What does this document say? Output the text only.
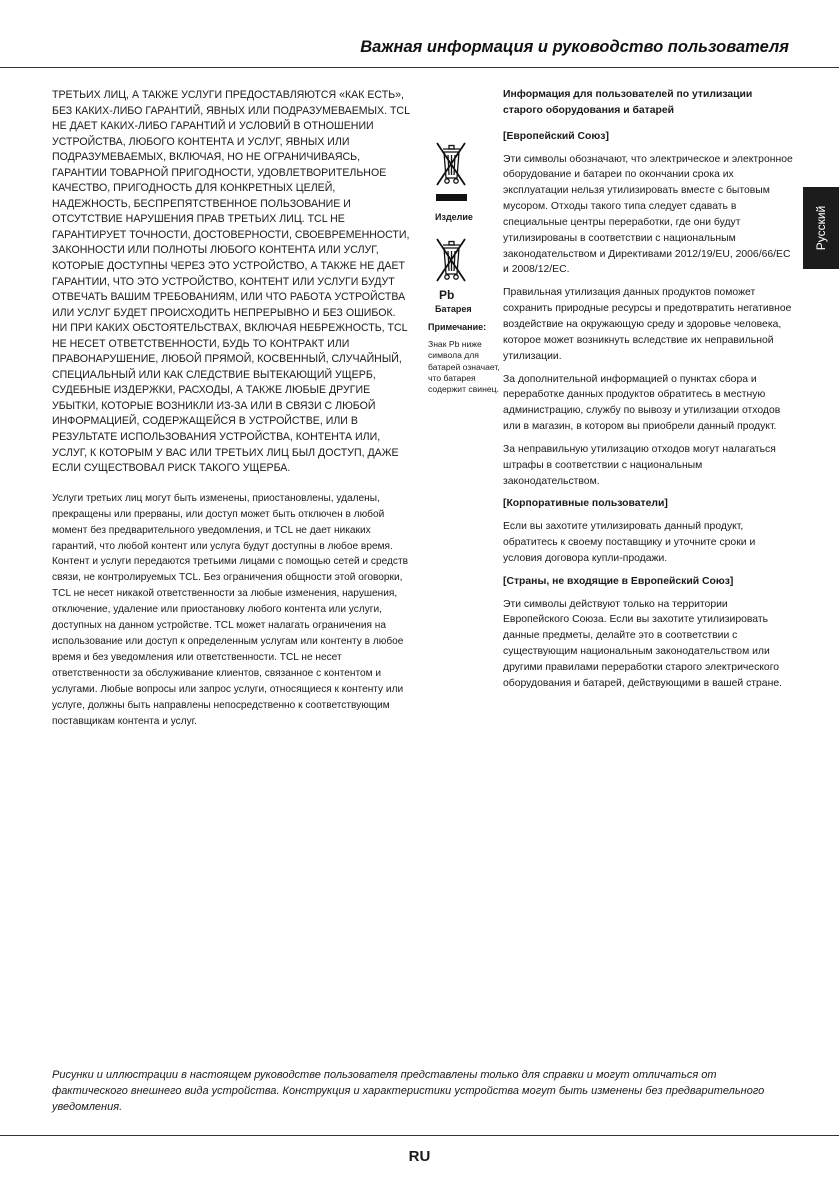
Важная информация и руководство пользователя
Русский

ТРЕТЬИХ ЛИЦ, А ТАКЖЕ УСЛУГИ ПРЕДОСТАВЛЯЮТСЯ «КАК ЕСТЬ», БЕЗ КАКИХ-ЛИБО ГАРАНТИЙ, ЯВНЫХ ИЛИ ПОДРАЗУМЕВАЕМЫХ. TCL НЕ ДАЕТ КАКИХ-ЛИБО ГАРАНТИЙ И УСЛОВИЙ В ОТНОШЕНИИ УСТРОЙСТВА, ЛЮБОГО КОНТЕНТА И УСЛУГ, ЯВНЫХ ИЛИ ПОДРАЗУМЕВАЕМЫХ, ВКЛЮЧАЯ, НО НЕ ОГРАНИЧИВАЯСЬ, ГАРАНТИИ ТОВАРНОЙ ПРИГОДНОСТИ, УДОВЛЕТВОРИТЕЛЬНОЕ КАЧЕСТВО, ПРИГОДНОСТЬ ДЛЯ КОНКРЕТНЫХ ЦЕЛЕЙ, НАДЕЖНОСТЬ, БЕСПРЕПЯТСТВЕННОЕ ПОЛЬЗОВАНИЕ И ОТСУТСТВИЕ НАРУШЕНИЯ ПРАВ ТРЕТЬИХ ЛИЦ. TCL НЕ ГАРАНТИРУЕТ ТОЧНОСТИ, ДОСТОВЕРНОСТИ, СВОЕВРЕМЕННОСТИ, ЗАКОННОСТИ ИЛИ ПОЛНОТЫ ЛЮБОГО КОНТЕНТА ИЛИ УСЛУГ, КОТОРЫЕ ДОСТУПНЫ ЧЕРЕЗ ЭТО УСТРОЙСТВО, А ТАКЖЕ НЕ ДАЕТ ГАРАНТИИ, ЧТО ЭТО УСТРОЙСТВО, КОНТЕНТ ИЛИ УСЛУГИ БУДУТ ОТВЕЧАТЬ ВАШИМ ТРЕБОВАНИЯМ, ИЛИ ЧТО РАБОТА УСТРОЙСТВА ИЛИ УСЛУГ БУДЕТ ПРОИСХОДИТЬ НЕПРЕРЫВНО И БЕЗ ОШИБОК. НИ ПРИ КАКИХ ОБСТОЯТЕЛЬСТВАХ, ВКЛЮЧАЯ НЕБРЕЖНОСТЬ, TCL НЕ НЕСЕТ ОТВЕТСТВЕННОСТИ, БУДЬ ТО КОНТРАКТ ИЛИ ПРАВОНАРУШЕНИЕ, ЛЮБОЙ ПРЯМОЙ, КОСВЕННЫЙ, СЛУЧАЙНЫЙ, СПЕЦИАЛЬНЫЙ ИЛИ КАК СЛЕДСТВИЕ ВЫТЕКАЮЩИЙ УЩЕРБ, СУДЕБНЫЕ ИЗДЕРЖКИ, РАСХОДЫ, А ТАКЖЕ ЛЮБЫЕ ДРУГИЕ УБЫТКИ, КОТОРЫЕ ВОЗНИКЛИ ИЗ-ЗА ИЛИ В СВЯЗИ С ЛЮБОЙ ИНФОРМАЦИЕЙ, СОДЕРЖАЩЕЙСЯ В УСТРОЙСТВЕ, ИЛИ В РЕЗУЛЬТАТЕ ИСПОЛЬЗОВАНИЯ УСТРОЙСТВА, КОНТЕНТА ИЛИ, УСЛУГ, К КОТОРЫМ У ВАС ИЛИ ТРЕТЬИХ ЛИЦ БЫЛ ДОСТУП, ДАЖЕ ЕСЛИ СУЩЕСТВОВАЛ РИСК ТАКОГО УЩЕРБА.

Услуги третьих лиц могут быть изменены, приостановлены, удалены, прекращены или прерваны, или доступ может быть отключен в любой момент без предварительного уведомления, и TCL не дает никаких гарантий, что любой контент или услуга будут доступны в любое время. Контент и услуги передаются третьими лицами с помощью сетей и средств связи, не контролируемых TCL. Без ограничения общности этой оговорки, TCL не несет никакой ответственности за любые изменения, нарушения, отключение, удаление или приостановку любого контента или услуги, доступных на данном устройстве. TCL может налагать ограничения на использование или доступ к определенным услугам или контенту в любое время и без уведомления или ответственности. TCL не несет ответственности за обслуживание клиентов, связанное с контентом и услугами. Любые вопросы или запрос услуги, относящиеся к контенту или услуге, должны быть направлены непосредственно к соответствующим поставщикам контента и услуг.

Изделие
Pb
Батарея
Примечание:
Знак Pb ниже символа для батарей означает, что батарея содержит свинец.

Информация для пользователей по утилизации старого оборудования и батарей

[Европейский Союз]

Эти символы обозначают, что электрическое и электронное оборудование и батареи по окончании срока их эксплуатации нельзя утилизировать вместе с бытовым мусором. Отходы такого типа следует сдавать в специальные центры переработки, где они будут утилизированы в соответствии с национальным законодательством и Директивами 2012/19/EU, 2006/66/ЕС и 2008/12/ЕС.

Правильная утилизация данных продуктов поможет сохранить природные ресурсы и предотвратить негативное воздействие на окружающую среду и здоровье человека, которое может возникнуть вследствие их неправильной утилизации.

За дополнительной информацией о пунктах сбора и переработке данных продуктов обратитесь в местную администрацию, службу по вывозу и утилизации отходов или в магазин, в котором вы приобрели данный продукт.

За неправильную утилизацию отходов могут налагаться штрафы в соответствии с национальным законодательством.

[Корпоративные пользователи]

Если вы захотите утилизировать данный продукт, обратитесь к своему поставщику и уточните сроки и условия договора купли-продажи.

[Страны, не входящие в Европейский Союз]

Эти символы действуют только на территории Европейского Союза. Если вы захотите утилизировать данные предметы, делайте это в соответствии с существующим национальным законодательством или другими правилами переработки старого электрического оборудования и батарей, действующими в вашей стране.

Рисунки и иллюстрации в настоящем руководстве пользователя представлены только для справки и могут отличаться от фактического внешнего вида устройства. Конструкция и характеристики устройства могут быть изменены без предварительного уведомления.

RU
